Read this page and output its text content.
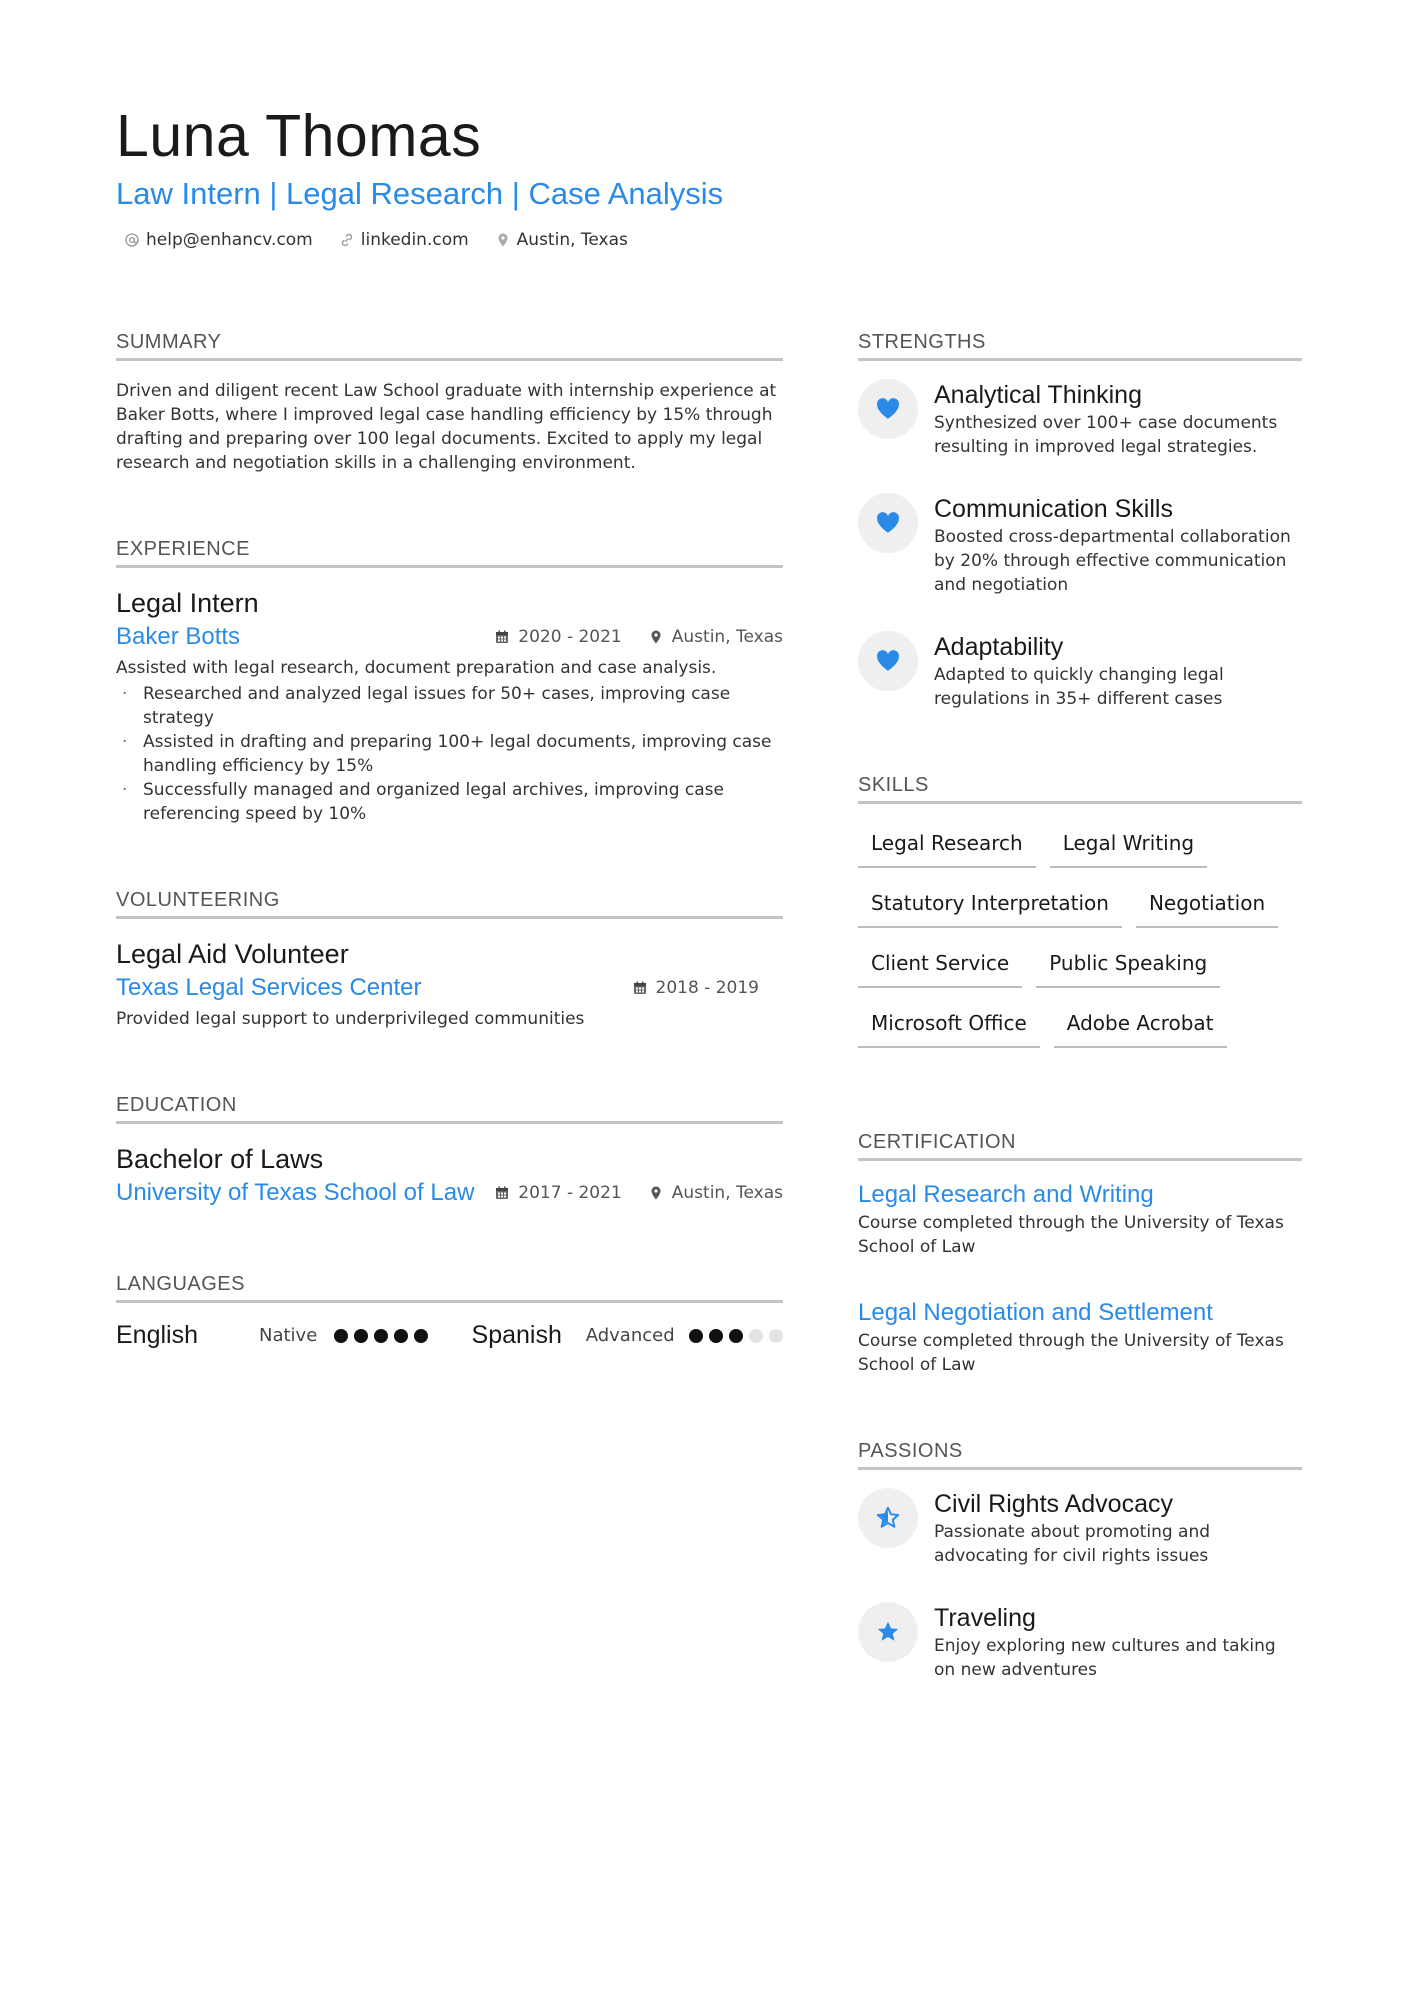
Luna Thomas
Law Intern | Legal Research | Case Analysis
help@enhancv.com	linkedin.com	Austin, Texas
SUMMARY
Driven and diligent recent Law School graduate with internship experience at Baker Botts, where I improved legal case handling efficiency by 15% through drafting and preparing over 100 legal documents. Excited to apply my legal research and negotiation skills in a challenging environment.
EXPERIENCE
Legal Intern
Baker Botts	2020 - 2021	Austin, Texas
Assisted with legal research, document preparation and case analysis.
· Researched and analyzed legal issues for 50+ cases, improving case strategy
· Assisted in drafting and preparing 100+ legal documents, improving case handling efficiency by 15%
· Successfully managed and organized legal archives, improving case referencing speed by 10%
VOLUNTEERING
Legal Aid Volunteer
Texas Legal Services Center	2018 - 2019
Provided legal support to underprivileged communities
EDUCATION
Bachelor of Laws
University of Texas School of Law	2017 - 2021	Austin, Texas
LANGUAGES
English	Native	Spanish	Advanced
STRENGTHS
Analytical Thinking
Synthesized over 100+ case documents resulting in improved legal strategies.
Communication Skills
Boosted cross-departmental collaboration by 20% through effective communication and negotiation
Adaptability
Adapted to quickly changing legal regulations in 35+ different cases
SKILLS
Legal Research	Legal Writing
Statutory Interpretation	Negotiation
Client Service	Public Speaking
Microsoft Office	Adobe Acrobat
CERTIFICATION
Legal Research and Writing
Course completed through the University of Texas School of Law
Legal Negotiation and Settlement
Course completed through the University of Texas School of Law
PASSIONS
Civil Rights Advocacy
Passionate about promoting and advocating for civil rights issues
Traveling
Enjoy exploring new cultures and taking on new adventures
